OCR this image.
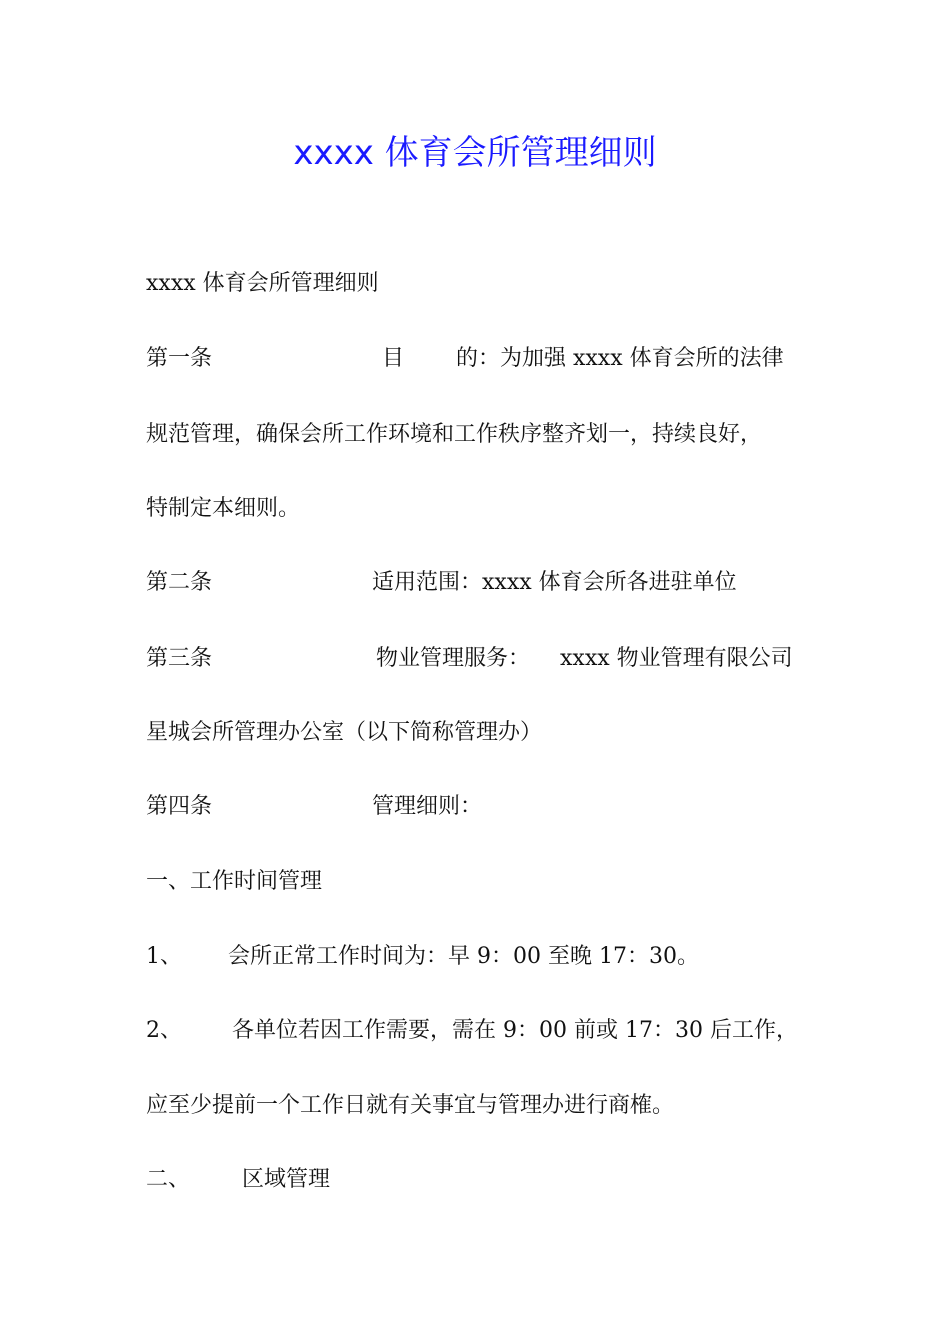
xxxx 体育会所管理细则
xxxx 体育会所管理细则
第一条	目 的：为加强 xxxx 体育会所的法律
规范管理，确保会所工作环境和工作秩序整齐划一，持续良好，
特制定本细则。
第二条	适用范围：xxxx 体育会所各进驻单位
第三条	物业管理服务： xxxx 物业管理有限公司
星城会所管理办公室（以下简称管理办）
第四条	管理细则：
一、工作时间管理
1、 会所正常工作时间为：早 9：00 至晚 17：30。
2、 各单位若因工作需要，需在 9：00 前或 17：30 后工作，
应至少提前一个工作日就有关事宜与管理办进行商榷。
二、 区域管理
